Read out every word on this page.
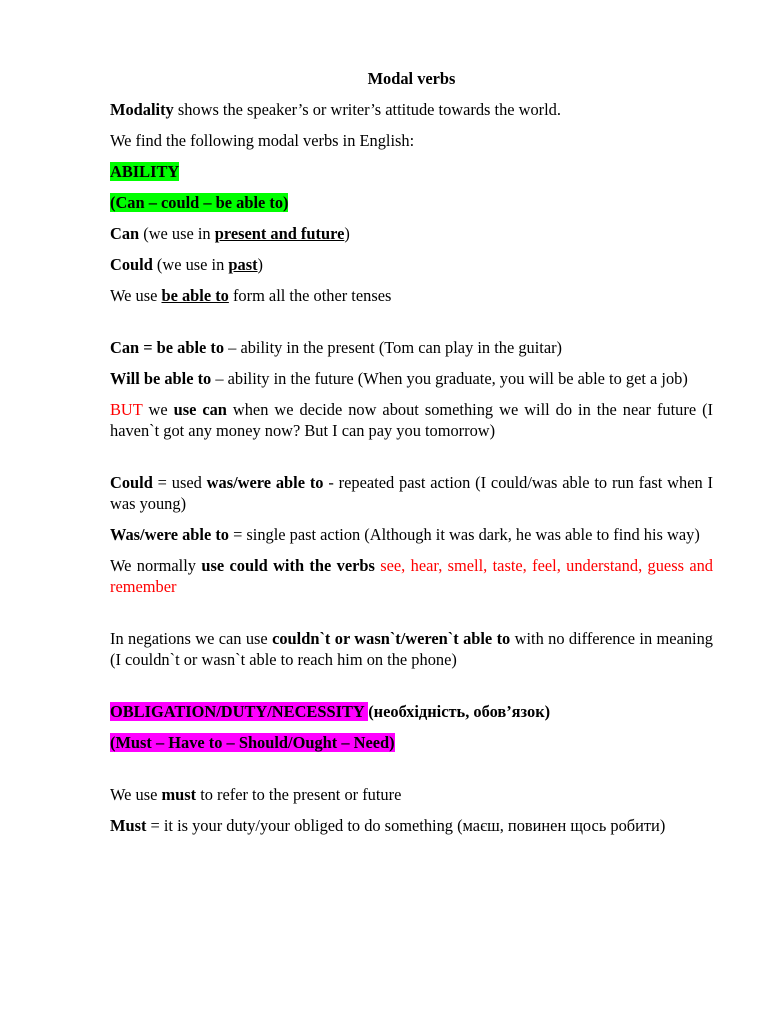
Modal verbs

Modality shows the speaker’s or writer’s attitude towards the world.

We find the following modal verbs in English:

ABILITY

(Can – could – be able to)

Can (we use in present and future)

Could (we use in past)

We use be able to form all the other tenses

Can = be able to – ability in the present (Tom can play in the guitar)

Will be able to – ability in the future (When you graduate, you will be able to get a job)

BUT we use can when we decide now about something we will do in the near future (I haven`t got any money now? But I can pay you tomorrow)

Could = used was/were able to - repeated past action (I could/was able to run fast when I was young)

Was/were able to = single past action (Although it was dark, he was able to find his way)

We normally use could with the verbs see, hear, smell, taste, feel, understand, guess and remember

In negations we can use couldn`t or wasn`t/weren`t able to with no difference in meaning (I couldn`t or wasn`t able to reach him on the phone)

OBLIGATION/DUTY/NECESSITY (необхідність, обов’язок)

(Must – Have to – Should/Ought – Need)

We use must to refer to the present or future

Must = it is your duty/your obliged to do something (маєш, повинен щось робити)
